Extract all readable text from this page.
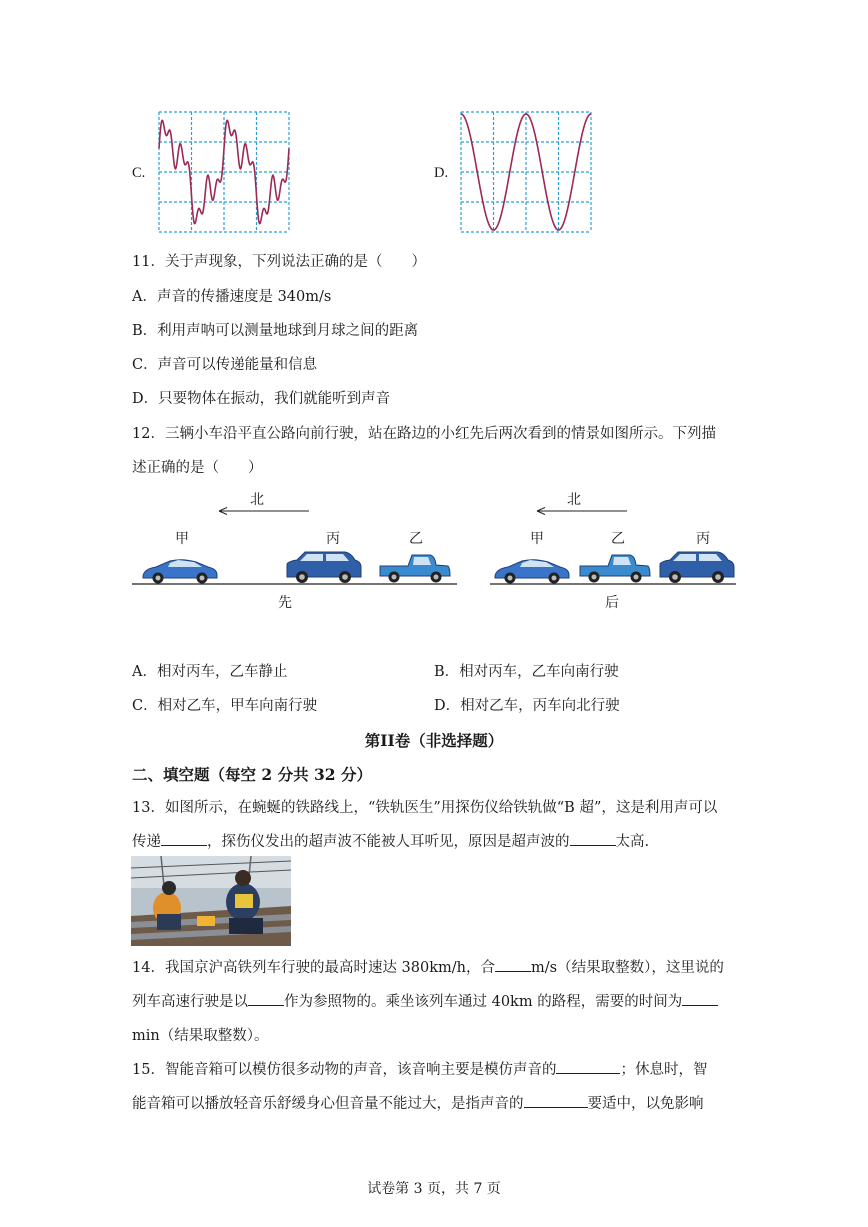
C.	D.
11．关于声现象，下列说法正确的是（　　）
A．声音的传播速度是 340m/s
B．利用声呐可以测量地球到月球之间的距离
C．声音可以传递能量和信息
D．只要物体在振动，我们就能听到声音
12．三辆小车沿平直公路向前行驶，站在路边的小红先后两次看到的情景如图所示。下列描
述正确的是（　　）
北
甲	丙	乙
先
北
甲	乙	丙
后
A．相对丙车，乙车静止	B．相对丙车，乙车向南行驶
C．相对乙车，甲车向南行驶	D．相对乙车，丙车向北行驶
第II卷（非选择题）
二、填空题（每空 2 分共 32 分）
13．如图所示，在蜿蜒的铁路线上，“铁轨医生”用探伤仪给铁轨做“B 超”，这是利用声可以
传递	，探伤仪发出的超声波不能被人耳听见，原因是超声波的	太高.
14．我国京沪高铁列车行驶的最高时速达 380km/h，合 m/s（结果取整数），这里说的
列车高速行驶是以 作为参照物的。乘坐该列车通过 40km 的路程，需要的时间为
min（结果取整数）。
15．智能音箱可以模仿很多动物的声音，该音响主要是模仿声音的	；休息时，智
能音箱可以播放轻音乐舒缓身心但音量不能过大，是指声音的	要适中，以免影响
试卷第 3 页，共 7 页
